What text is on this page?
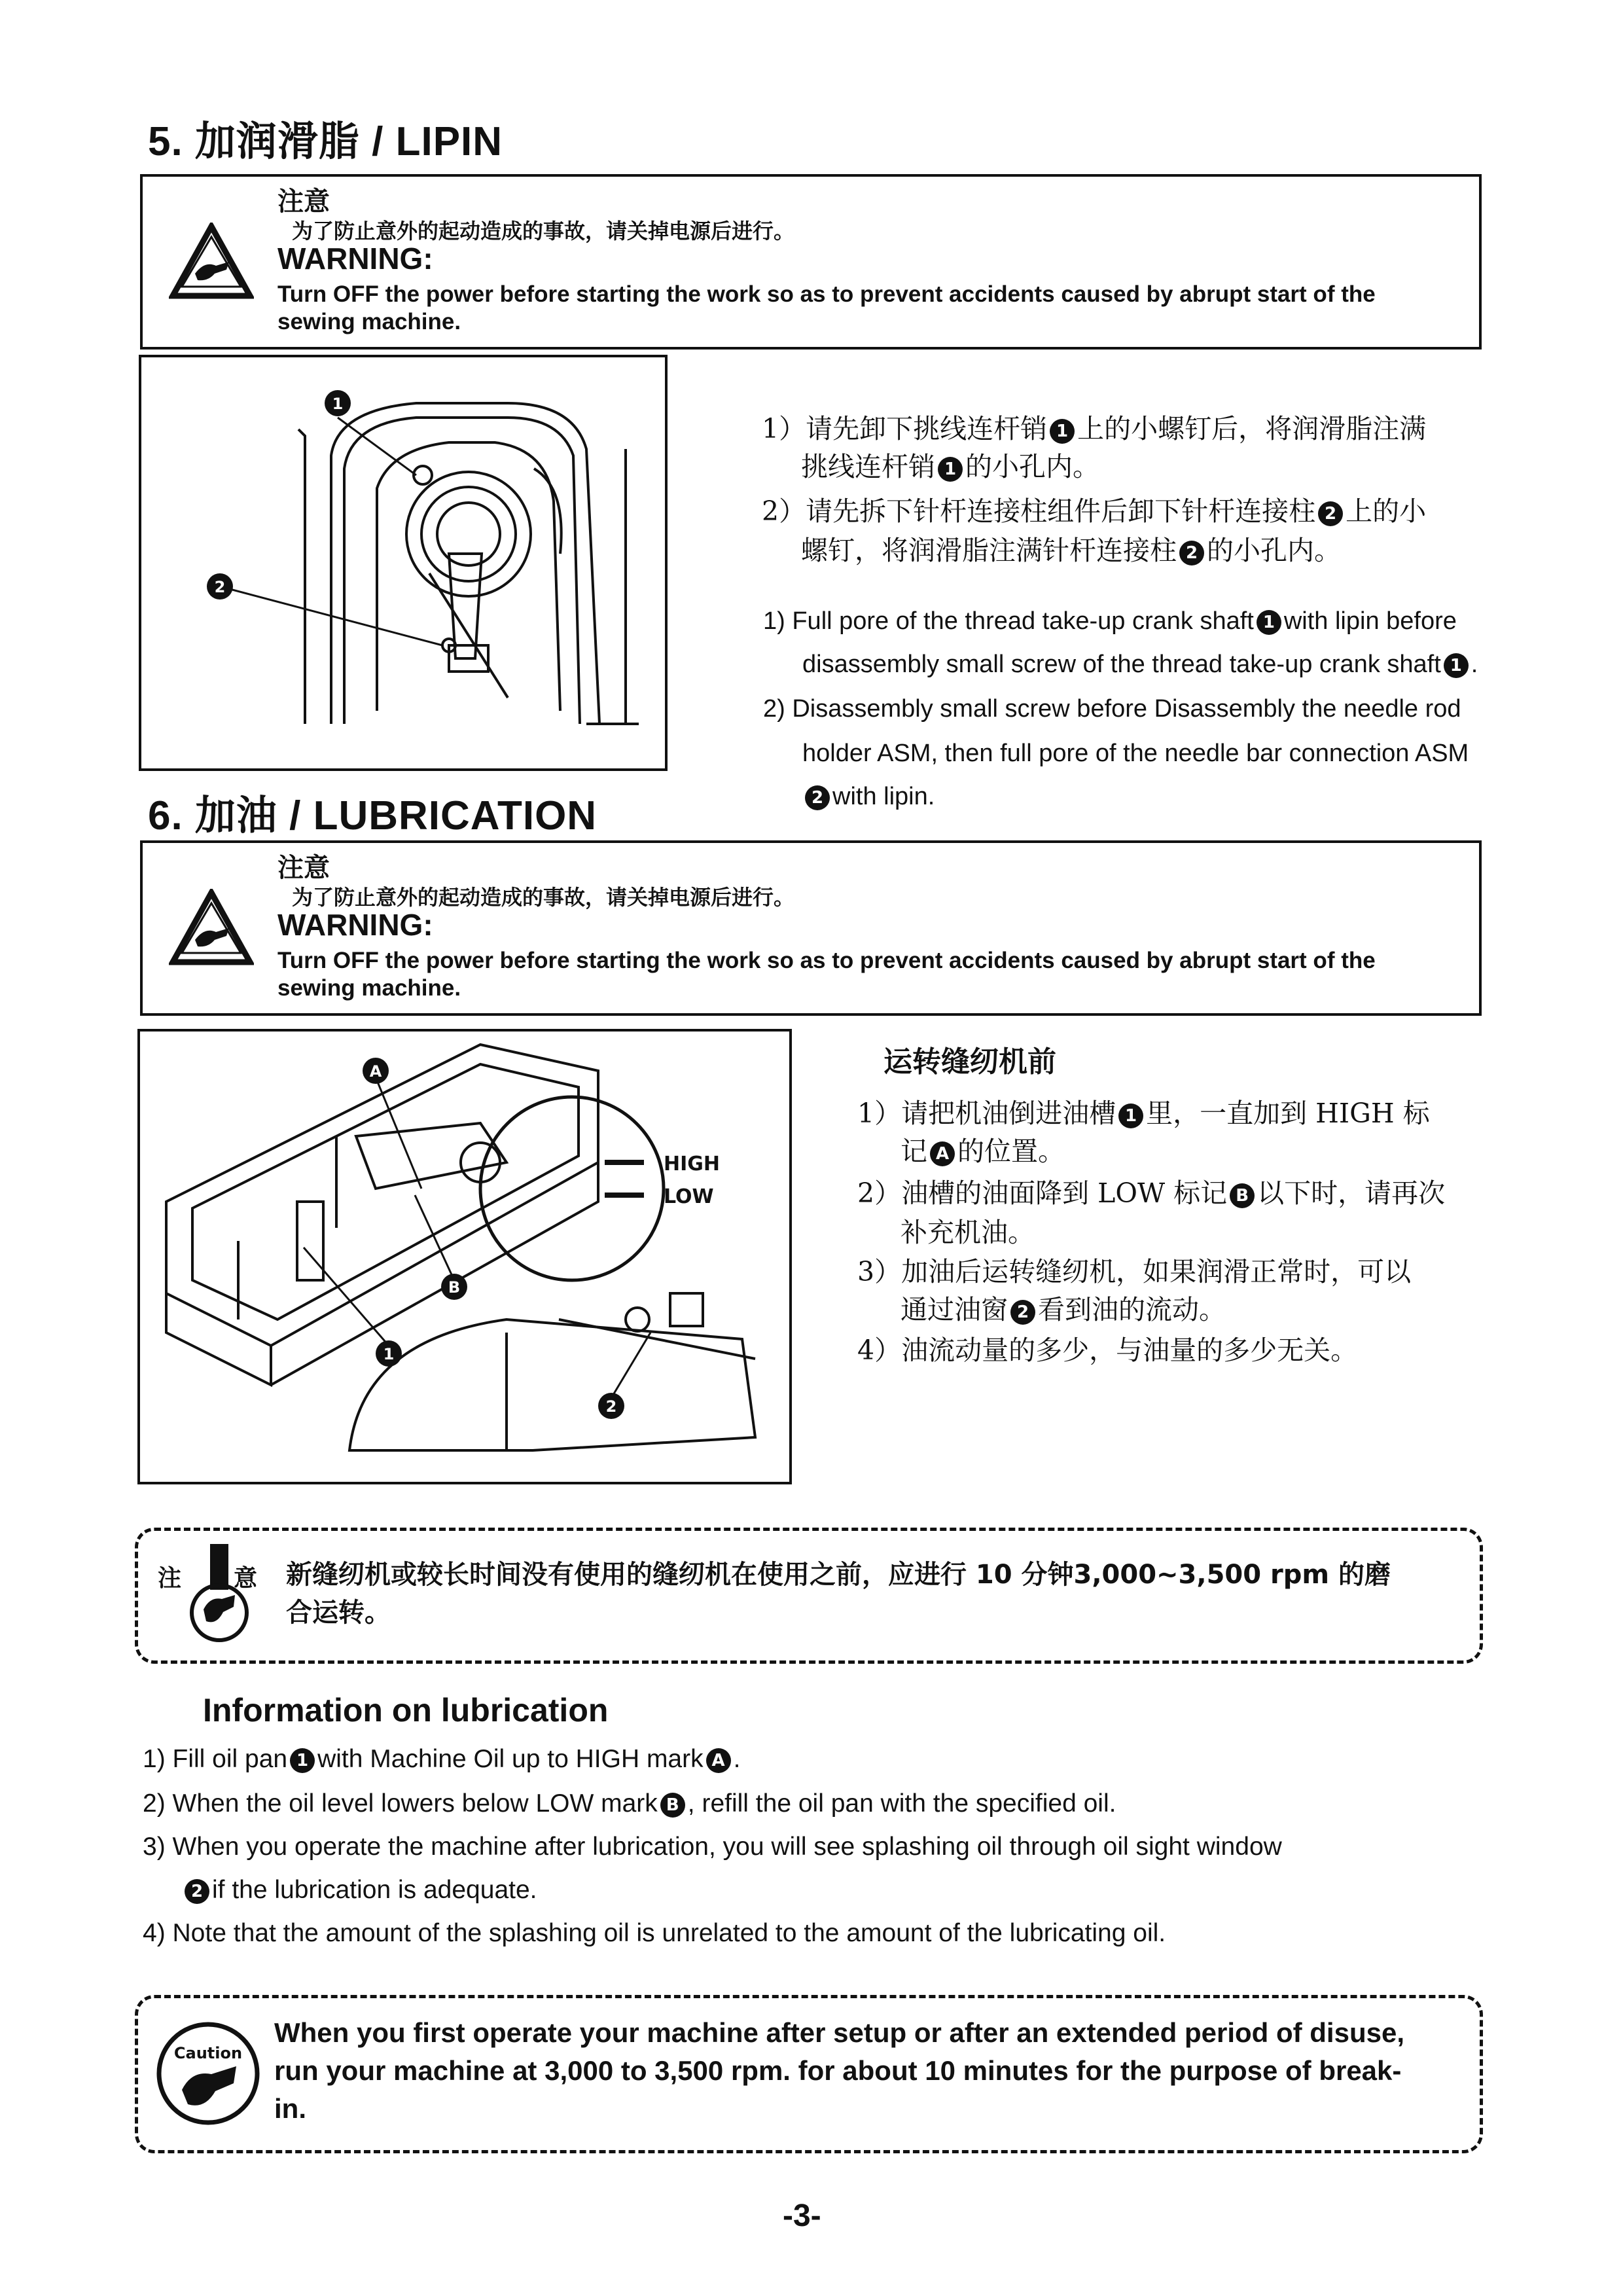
5. 加润滑脂 / LIPIN
注意
为了防止意外的起动造成的事故，请关掉电源后进行。
WARNING:
Turn OFF the power before starting the work so as to prevent accidents caused by abrupt start of the
sewing machine.
1
2
1）请先卸下挑线连杆销 1 上的小螺钉后，将润滑脂注满
挑线连杆销 1 的小孔内。
2）请先拆下针杆连接柱组件后卸下针杆连接柱 2 上的小
螺钉，将润滑脂注满针杆连接柱 2 的小孔内。
1) Full pore of the thread take-up crank shaft 1 with lipin before
disassembly small screw of the thread take-up crank shaft 1 .
2) Disassembly small screw before Disassembly the needle rod
holder ASM, then full pore of the needle bar connection ASM
2 with lipin.
6. 加油 / LUBRICATION
注意
为了防止意外的起动造成的事故，请关掉电源后进行。
WARNING:
Turn OFF the power before starting the work so as to prevent accidents caused by abrupt start of the
sewing machine.
HIGH
LOW
A
B
1
2
运转缝纫机前
1）请把机油倒进油槽 1 里，一直加到 HIGH 标
记 A 的位置。
2）油槽的油面降到 LOW 标记 B 以下时，请再次
补充机油。
3）加油后运转缝纫机，如果润滑正常时，可以
通过油窗 2 看到油的流动。
4）油流动量的多少，与油量的多少无关。
注 意 新缝纫机或较长时间没有使用的缝纫机在使用之前，应进行 10 分钟3,000~3,500 rpm 的磨
合运转。
Information on lubrication
1) Fill oil pan 1 with Machine Oil up to HIGH mark A .
2) When the oil level lowers below LOW mark B , refill the oil pan with the specified oil.
3) When you operate the machine after lubrication, you will see splashing oil through oil sight window
2 if the lubrication is adequate.
4) Note that the amount of the splashing oil is unrelated to the amount of the lubricating oil.
Caution
When you first operate your machine after setup or after an extended period of disuse,
run your machine at 3,000 to 3,500 rpm. for about 10 minutes for the purpose of break-
in.
-3-
